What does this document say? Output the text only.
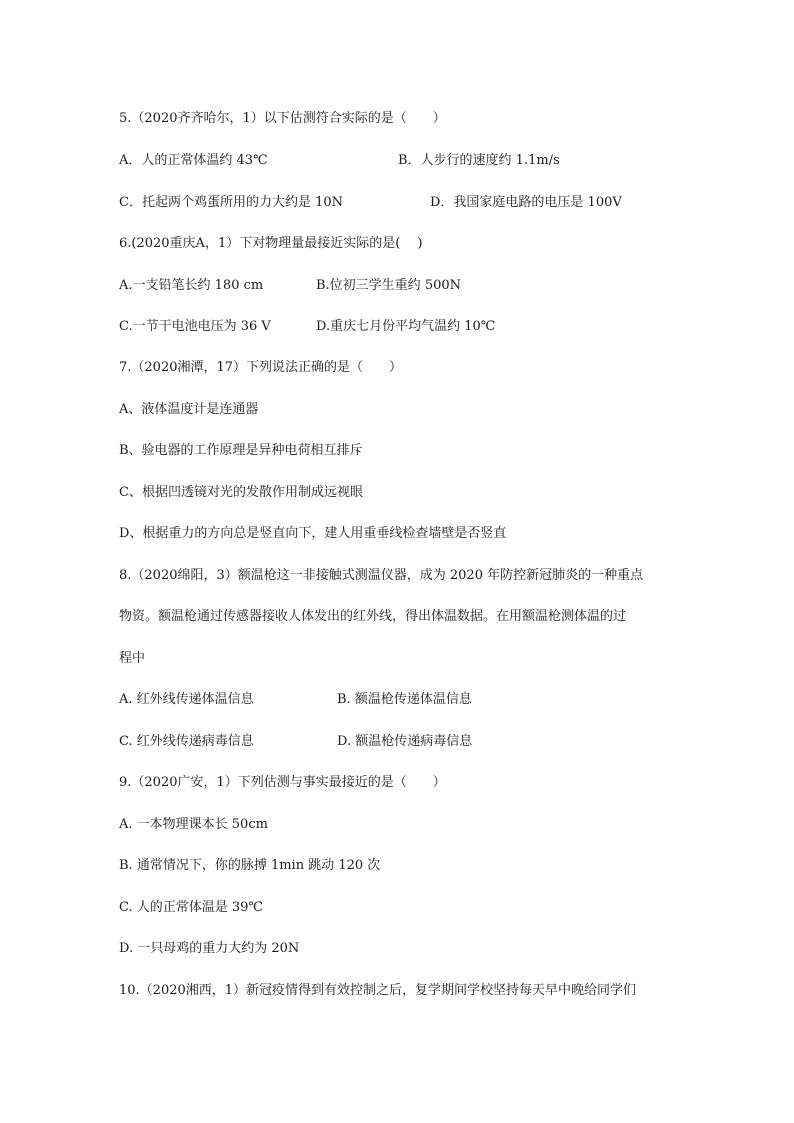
5.（2020齐齐哈尔，1）以下估测符合实际的是（　　）
A．人的正常体温约 43℃	B．人步行的速度约 1.1m/s
C．托起两个鸡蛋所用的力大约是 10N	D．我国家庭电路的电压是 100V
6.(2020重庆A，1）下对物理量最接近实际的是(　 )
A.一支铅笔长约 180 cm	B.位初三学生重约 500N
C.一节干电池电压为 36 V	D.重庆七月份平均气温约 10℃
7.（2020湘潭，17）下列说法正确的是（　　）
A、液体温度计是连通器
B、验电器的工作原理是异种电荷相互排斥
C、根据凹透镜对光的发散作用制成远视眼
D、根据重力的方向总是竖直向下，建人用重垂线检查墙壁是否竖直
8.（2020绵阳，3）额温枪这一非接触式测温仪器，成为 2020 年防控新冠肺炎的一种重点
物资。额温枪通过传感器接收人体发出的红外线，得出体温数据。在用额温枪测体温的过
程中
A. 红外线传递体温信息	B. 额温枪传递体温信息
C. 红外线传递病毒信息	D. 额温枪传递病毒信息
9.（2020广安，1）下列估测与事实最接近的是（　　）
A. 一本物理课本长 50cm
B. 通常情况下，你的脉搏 1min 跳动 120 次
C. 人的正常体温是 39℃
D. 一只母鸡的重力大约为 20N
10.（2020湘西，1）新冠疫情得到有效控制之后，复学期间学校坚持每天早中晚给同学们
